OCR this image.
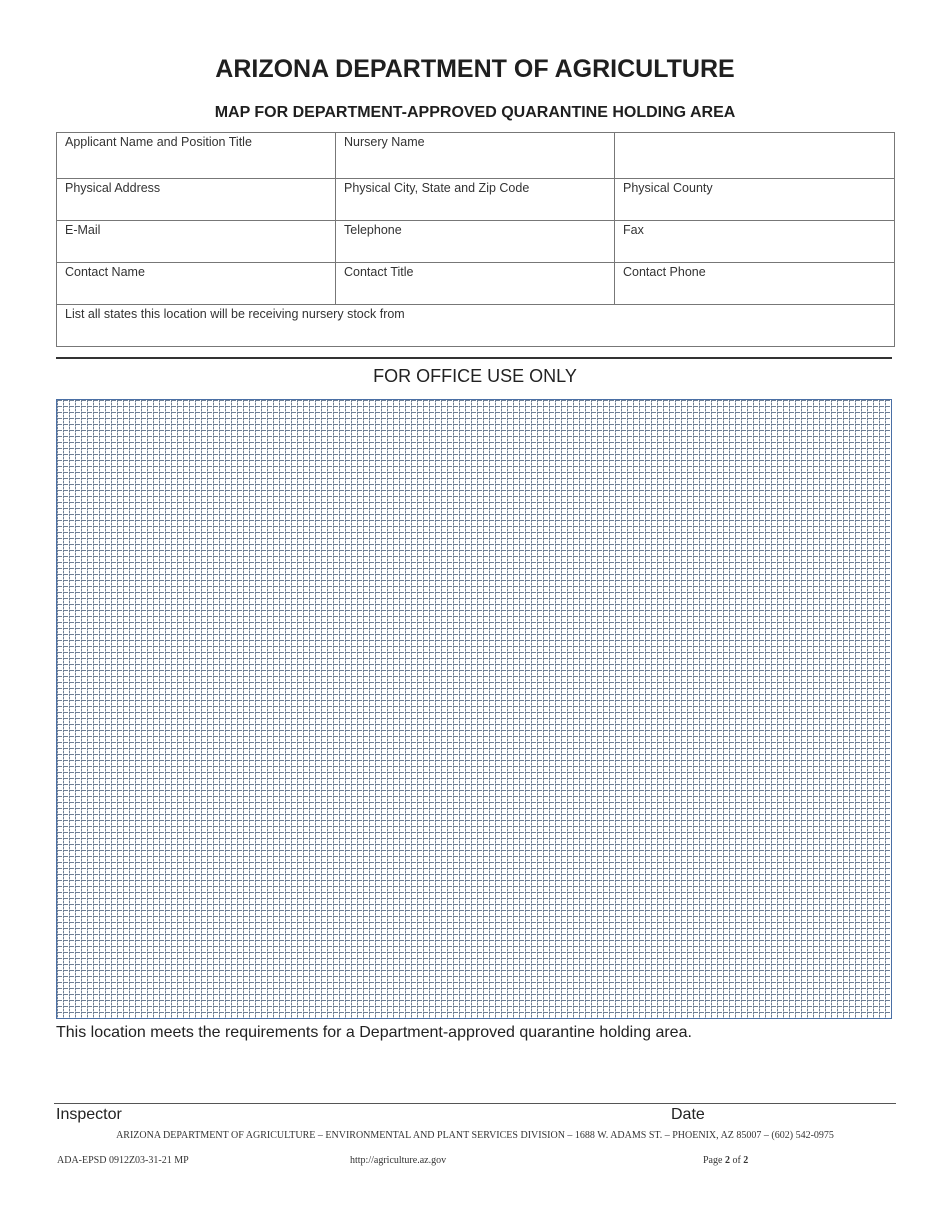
ARIZONA DEPARTMENT OF AGRICULTURE
MAP FOR DEPARTMENT-APPROVED QUARANTINE HOLDING AREA
Applicant Name and Position Title	Nursery Name	
Physical Address	Physical City, State and Zip Code	Physical County
E-Mail	Telephone	Fax
Contact Name	Contact Title	Contact Phone
List all states this location will be receiving nursery stock from		
FOR OFFICE USE ONLY
This location meets the requirements for a Department-approved quarantine holding area.
Inspector	Date
ARIZONA DEPARTMENT OF AGRICULTURE – ENVIRONMENTAL AND PLANT SERVICES DIVISION – 1688 W. ADAMS ST. – PHOENIX, AZ 85007 – (602) 542-0975
ADA-EPSD 0912Z03-31-21 MP	http://agriculture.az.gov	Page 2 of 2
